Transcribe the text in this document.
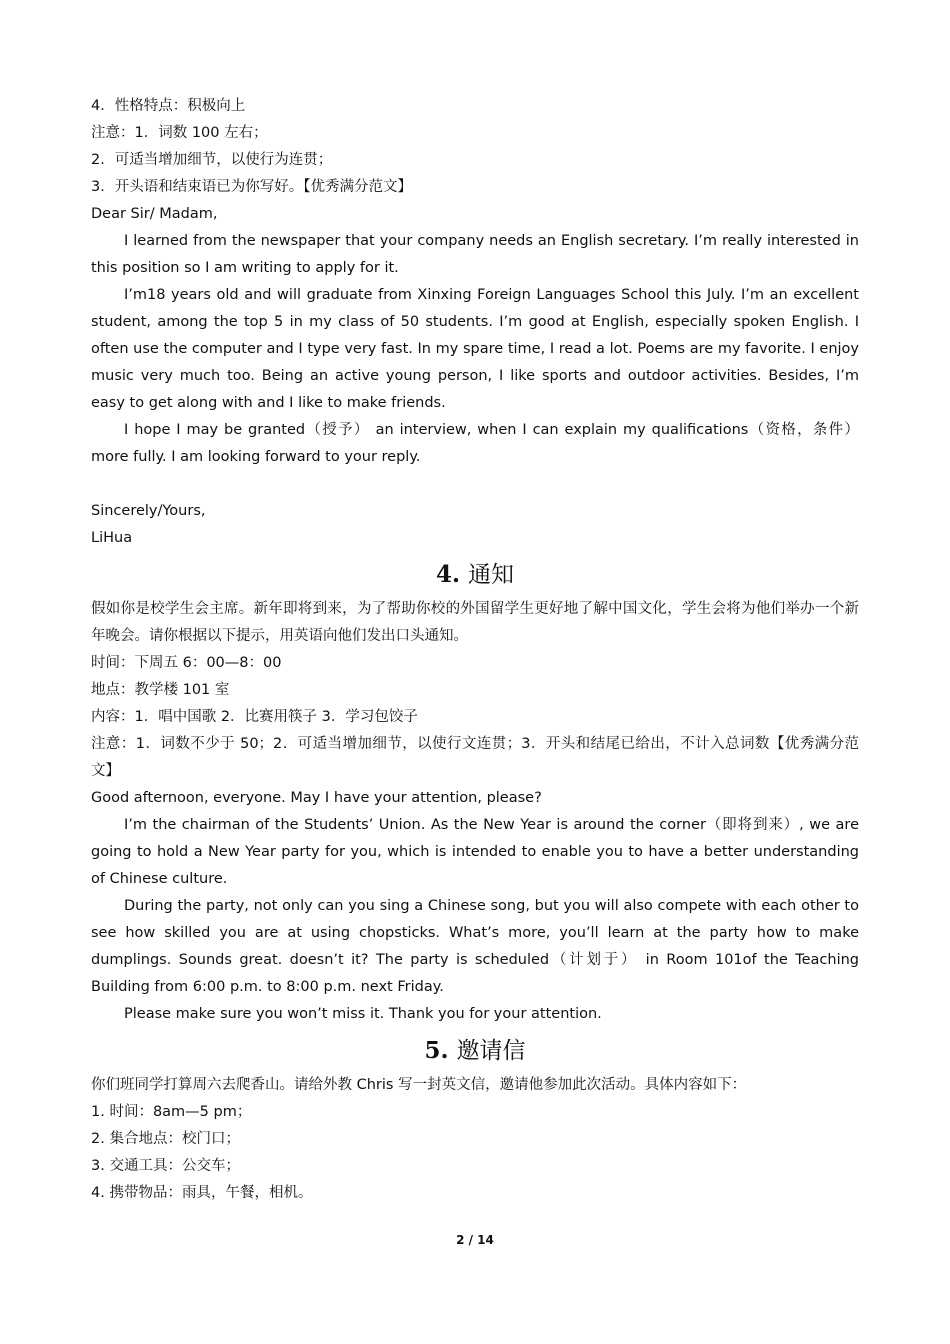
4．性格特点：积极向上
注意：1．词数 100 左右；
2．可适当增加细节，以使行为连贯；
3．开头语和结束语已为你写好。【优秀满分范文】
Dear Sir/ Madam,

I learned from the newspaper that your company needs an English secretary. I’m really interested in this position so I am writing to apply for it.

I’m18 years old and will graduate from Xinxing Foreign Languages School this July. I’m an excellent student, among the top 5 in my class of 50 students. I’m good at English, especially spoken English. I often use the computer and I type very fast. In my spare time, I read a lot. Poems are my favorite. I enjoy music very much too. Being an active young person, I like sports and outdoor activities. Besides, I’m easy to get along with and I like to make friends.

I hope I may be granted（授予） an interview, when I can explain my qualifications（资格，条件） more fully. I am looking forward to your reply.

Sincerely/Yours,
LiHua
4. 通知

假如你是校学生会主席。新年即将到来，为了帮助你校的外国留学生更好地了解中国文化，学生会将为他们举办一个新年晚会。请你根据以下提示，用英语向他们发出口头通知。

时间：下周五 6：00—8：00
地点：教学楼 101 室
内容：1．唱中国歌 2．比赛用筷子 3．学习包饺子

注意：1．词数不少于 50；2．可适当增加细节，以使行文连贯；3．开头和结尾已给出，不计入总词数【优秀满分范文】

Good afternoon, everyone. May I have your attention, please?

I’m the chairman of the Students’ Union. As the New Year is around the corner（即将到来）, we are going to hold a New Year party for you, which is intended to enable you to have a better understanding of Chinese culture.

During the party, not only can you sing a Chinese song, but you will also compete with each other to see how skilled you are at using chopsticks. What’s more, you’ll learn at the party how to make dumplings. Sounds great. doesn’t it? The party is scheduled（计划于） in Room 101of the Teaching Building from 6:00 p.m. to 8:00 p.m. next Friday.

Please make sure you won’t miss it. Thank you for your attention.

5. 邀请信
你们班同学打算周六去爬香山。请给外教 Chris 写一封英文信，邀请他参加此次活动。具体内容如下：
1. 时间：8am—5 pm；
2. 集合地点：校门口；
3. 交通工具：公交车；
4. 携带物品：雨具，午餐，相机。
2 / 14
